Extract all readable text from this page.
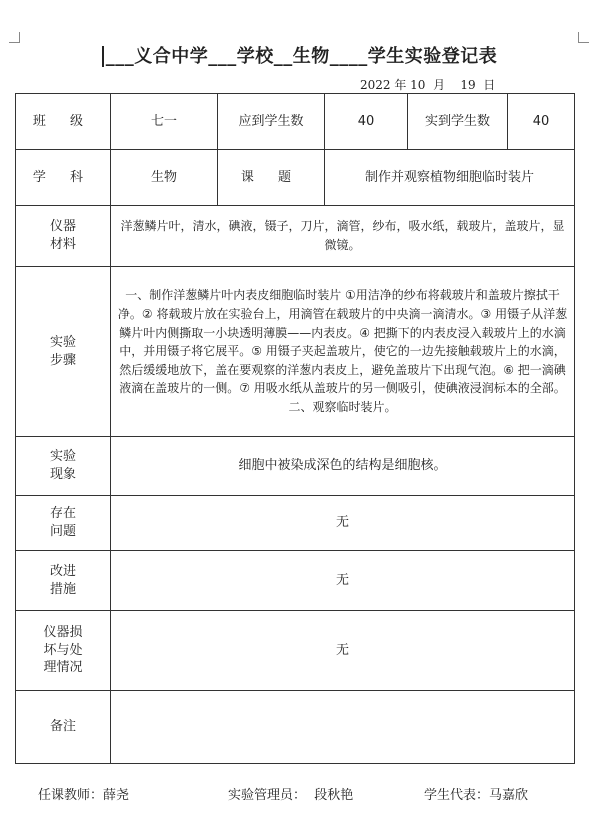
___义合中学___学校__生物____学生实验登记表
2022 年 10  月    19  日
班 级	七一	应到学生数	40	实到学生数	40
学 科	生物	课 题	制作并观察植物细胞临时装片		
仪器
材料	洋葱鳞片叶，清水，碘液，镊子，刀片，滴管，纱布，吸水纸，载玻片，盖玻片，显微镜。				
实验
步骤	一、制作洋葱鳞片叶内表皮细胞临时装片 ①用洁净的纱布将载玻片和盖玻片擦拭干净。② 将载玻片放在实验台上，用滴管在载玻片的中央滴一滴清水。③ 用镊子从洋葱鳞片叶内侧撕取一小块透明薄膜——内表皮。④ 把撕下的内表皮浸入载玻片上的水滴中，并用镊子将它展平。⑤ 用镊子夹起盖玻片，使它的一边先接触载玻片上的水滴，然后缓缓地放下，盖在要观察的洋葱内表皮上，避免盖玻片下出现气泡。⑥ 把一滴碘液滴在盖玻片的一侧。⑦ 用吸水纸从盖玻片的另一侧吸引，使碘液浸润标本的全部。二、观察临时装片。				
实验
现象	细胞中被染成深色的结构是细胞核。				
存在
问题	无				
改进
措施	无				
仪器损
坏与处
理情况	无				
备注					
任课教师：薛尧	实验管理员：  段秋艳	学生代表：马嘉欣
